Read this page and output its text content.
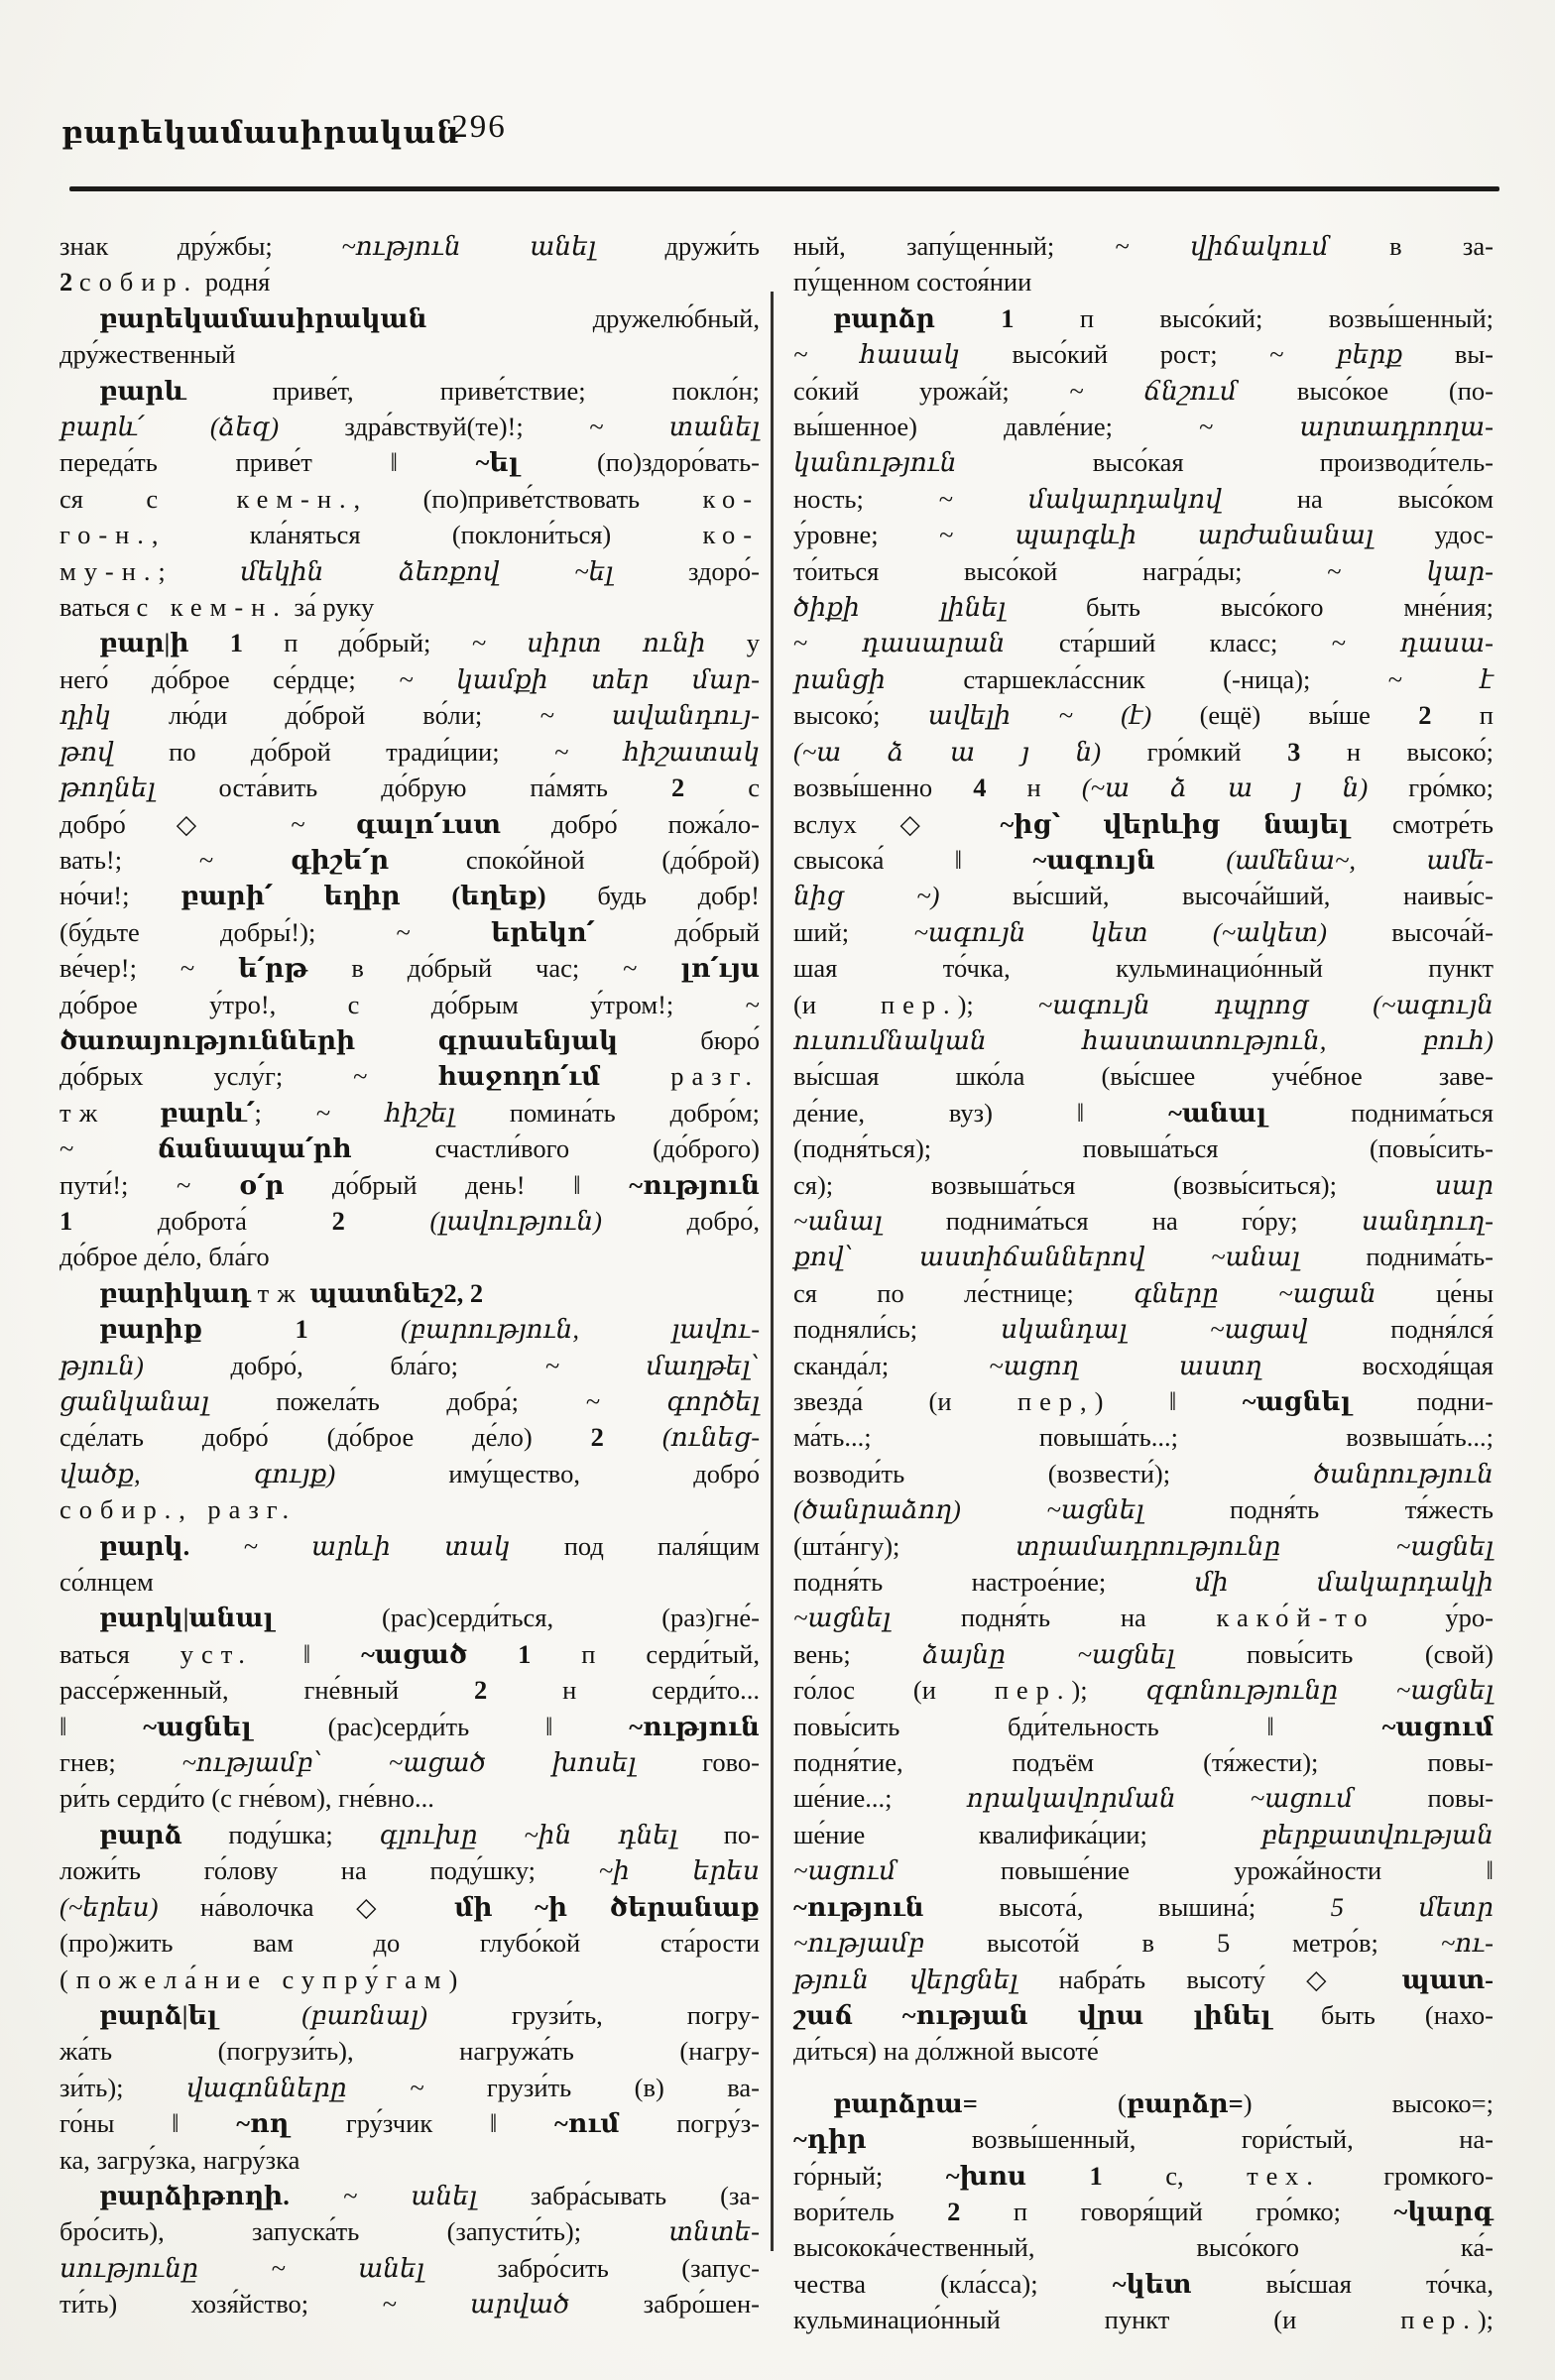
բարեկամասիրական
296
знак дру́жбы; ~ություն անել дружи́ть
2 собир. родня́
բարեկամասիրական дружелю́бный,
дру́жественный
բարև приве́т, приве́тствие; покло́н;
բարև՛ (ձեզ) здра́вствуй(те)!; ~ տանել
переда́ть приве́т ‖ ~ել (по)здоро́вать-
ся с кем-н., (по)приве́тствовать ко-
го-н., кла́няться (поклони́ться) ко-
му-н.; մեկին ձեռքով ~ել здоро́-
ваться с кем-н. за́ руку
բար|ի 1 п до́брый; ~ սիրտ ունի у
него́ до́брое се́рдце; ~ կամքի տեր մար-
դիկ лю́ди до́брой во́ли; ~ ավանդույ-
թով по до́брой тради́ции; ~ հիշատակ
թողնել оста́вить до́брую па́мять 2 с
добро́ ◇ ~ գալո՛ւստ добро́ пожа́ло-
вать!; ~ գիշե՛ր споко́йной (до́брой)
но́чи!; բարի՛ եղիր (եղեք) будь добр!
(бу́дьте добры́!); ~ երեկո՛ до́брый
ве́чер!; ~ ե՛րթ в до́брый час; ~ լո՛ւյս
до́брое у́тро!, с до́брым у́тром!; ~
ծառայությունների գրասենյակ бюро́
до́брых услу́г; ~ հաջողո՛ւմ	разг.
тж բարև՛; ~ հիշել помина́ть добро́м;
~ ճանապա՛րհ счастли́вого (до́брого)
пути́!; ~ օ՛ր до́брый день! ‖ ~ություն
1 доброта́ 2	(լավություն) добро́,
до́брое де́ло, бла́го
բարիկադ тж պատնեշ2, 2
բարիք	1	(բարություն, լավու-
թյուն) добро́, бла́го; ~ մաղթել՝
ցանկանալ пожела́ть добра́; ~ գործել
сде́лать добро́ (до́брое де́ло) 2 (ունեց-
վածք, գույք) иму́щество, добро́
собир., разг.
բարկ. ~ արևի տակ под паля́щим
со́лнцем
բարկ|անալ (рас)серди́ться, (раз)гне́-
ваться уст. ‖ ~ացած 1 п серди́тый,
рассе́рженный, гне́вный 2 н серди́то...
‖ ~ացնել (рас)серди́ть ‖ ~ություն
гнев; ~ությամբ՝ ~ացած խոսել гово-
ри́ть серди́то (с гне́вом), гне́вно...
բարձ поду́шка; գլուխը ~ին դնել по-
ложи́ть го́лову на поду́шку; ~ի երես
(~երես) на́волочка ◇ մի ~ի ծերանաք
(про)жить вам до глубо́кой ста́рости
(пожела́ние супру́гам)
բարձ|ել	(բառնալ) грузи́ть, погру-
жа́ть (погрузи́ть), нагружа́ть (нагру-
зи́ть); վագոնները ~ грузи́ть (в) ва-
го́ны ‖ ~ող гру́зчик ‖ ~ում погру́з-
ка, загру́зка, нагру́зка
բարձիթողի. ~ անել забра́сывать (за-
бро́сить), запуска́ть (запусти́ть); տնտե-
սությունը ~ անել забро́сить (запус-
ти́ть) хозя́йство; ~ արված забро́шен-
ный, запу́щенный; ~ վիճակում в за-
пу́щенном состоя́нии
բարձր 1 п высо́кий; возвы́шенный;
~ հասակ высо́кий рост; ~ բերք вы-
со́кий урожа́й; ~ ճնշում высо́кое (по-
вы́шенное) давле́ние; ~ արտադրողա-
կանություն высо́кая производи́тель-
ность; ~ մակարդակով на высо́ком
у́ровне; ~ պարգևի արժանանալ удос-
то́иться высо́кой награ́ды; ~ կար-
ծիքի լինել быть высо́кого мне́ния;
~ դասարան ста́рший класс; ~ դասա-
րանցի старшекла́ссник (-ница); ~ է
высоко́; ավելի ~ (է) (ещё) вы́ше 2 п
(~ա ձ ա յ ն) гро́мкий 3 н высоко́;
возвы́шенно 4 н (~ա ձ ա յ ն) гро́мко;
вслух ◇ ~ից՝ վերևից նայել смотре́ть
свысока́ ‖ ~ագույն	(ամենա~, ամե-
նից ~) вы́сший, высоча́йший, наивы́с-
ший; ~ագույն կետ (~ակետ) высоча́й-
шая то́чка, кульминацио́нный пункт
(и пер.); ~ագույն դպրոց (~ագույն
ուսումնական հաստատություն, բուհ)
вы́сшая шко́ла (вы́сшее уче́бное заве-
де́ние, вуз) ‖ ~անալ поднима́ться
(подня́ться); повыша́ться (повы́сить-
ся); возвыша́ться (возвы́ситься); սար
~անալ поднима́ться на го́ру; սանդուղ-
քով՝ աստիճաններով ~անալ поднима́ть-
ся по ле́стнице; գները ~ացան це́ны
подняли́сь; սկանդալ ~ացավ подня́лся́
сканда́л; ~ացող աստղ восходя́щая
звезда́ (и пер,) ‖ ~ացնել подни-
ма́ть...; повыша́ть...; возвыша́ть...;
возводи́ть (возвести́); ծանրություն
(ծանրաձող) ~ացնել подня́ть тя́жесть
(шта́нгу); տրամադրությունը ~ացնել
подня́ть настрое́ние; մի մակարդակի
~ացնել подня́ть на како́й-то у́ро-
вень; ձայնը ~ացնել повы́сить (свой)
го́лос (и пер.); զգոնությունը ~ացնել
повы́сить бди́тельность ‖ ~ացում
подня́тие, подъём (тя́жести); повы-
ше́ние...; որակավորման ~ացում повы-
ше́ние квалифика́ции; բերքատվության
~ացում повыше́ние урожа́йности ‖
~ություն высота́, вышина́; 5 մետր
~ությամբ высото́й в 5 метро́в; ~ու-
թյուն վերցնել набра́ть высоту́ ◇ պատ-
շաճ ~ության վրա լինել быть (нахо-
ди́ться) на до́лжной высоте́
բարձրա= (բարձր=) высоко=;
~դիր возвы́шенный, гори́стый, на-
го́рный; ~խոս 1 с, тех. громкого-
вори́тель 2 п говоря́щий гро́мко; ~կարգ
высокока́чественный, высо́кого ка́-
чества (кла́сса); ~կետ вы́сшая то́чка,
кульминацио́нный пункт (и пер.);
